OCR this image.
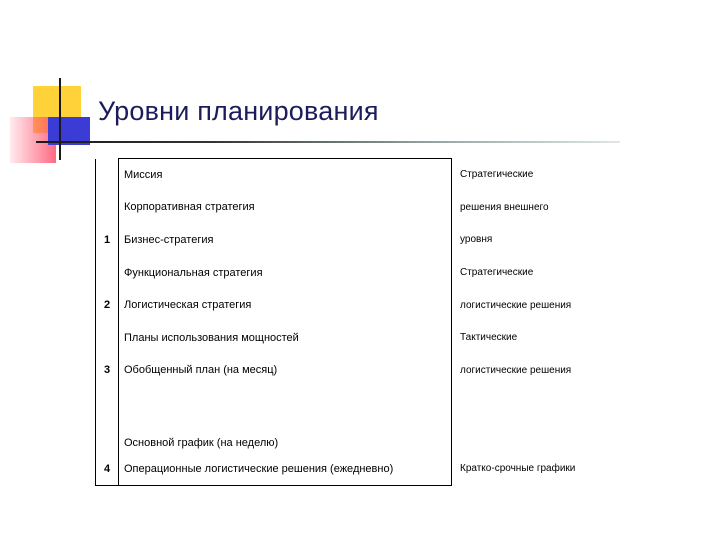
Уровни планирования
	Миссия	Стратегические
	Корпоративная стратегия	решения внешнего
1	Бизнес-стратегия	уровня
	Функциональная стратегия	Стратегические
2	Логистическая стратегия	логистические решения
	Планы использования мощностей	Тактические
3	Обобщенный план (на месяц)	логистические решения
	Основной график (на неделю)	
4	Операционные логистические решения (ежедневно)	Кратко-срочные графики
